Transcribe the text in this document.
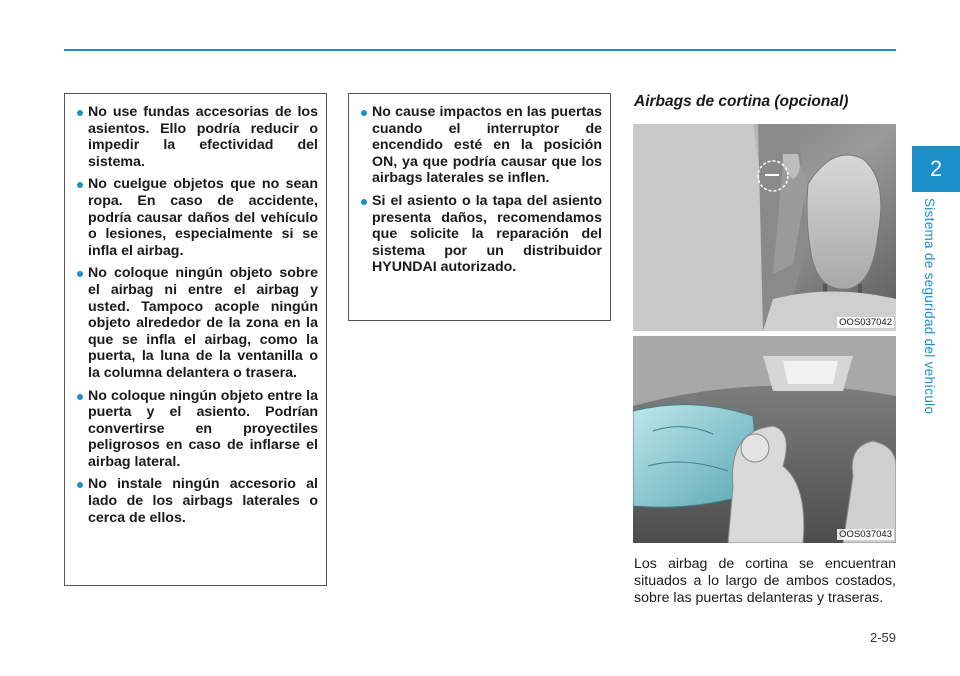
2
Sistema de seguridad del vehículo
No use fundas accesorias de los asientos. Ello podría reducir o impedir la efectividad del sistema.
No cuelgue objetos que no sean ropa. En caso de accidente, podría causar daños del vehículo o lesiones, especialmente si se infla el airbag.
No coloque ningún objeto sobre el airbag ni entre el airbag y usted. Tampoco acople ningún objeto alrededor de la zona en la que se infla el airbag, como la puerta, la luna de la ventanilla o la columna delantera o trasera.
No coloque ningún objeto entre la puerta y el asiento. Podrían convertirse en proyectiles peligrosos en caso de inflarse el airbag lateral.
No instale ningún accesorio al lado de los airbags laterales o cerca de ellos.
No cause impactos en las puertas cuando el interruptor de encendido esté en la posición ON, ya que podría causar que los airbags laterales se inflen.
Si el asiento o la tapa del asiento presenta daños, recomendamos que solicite la reparación del sistema por un distribuidor HYUNDAI autorizado.
Airbags de cortina (opcional)
OOS037042
OOS037043

Los airbag de cortina se encuentran situados a lo largo de ambos costados, sobre las puertas delanteras y traseras.

2-59
